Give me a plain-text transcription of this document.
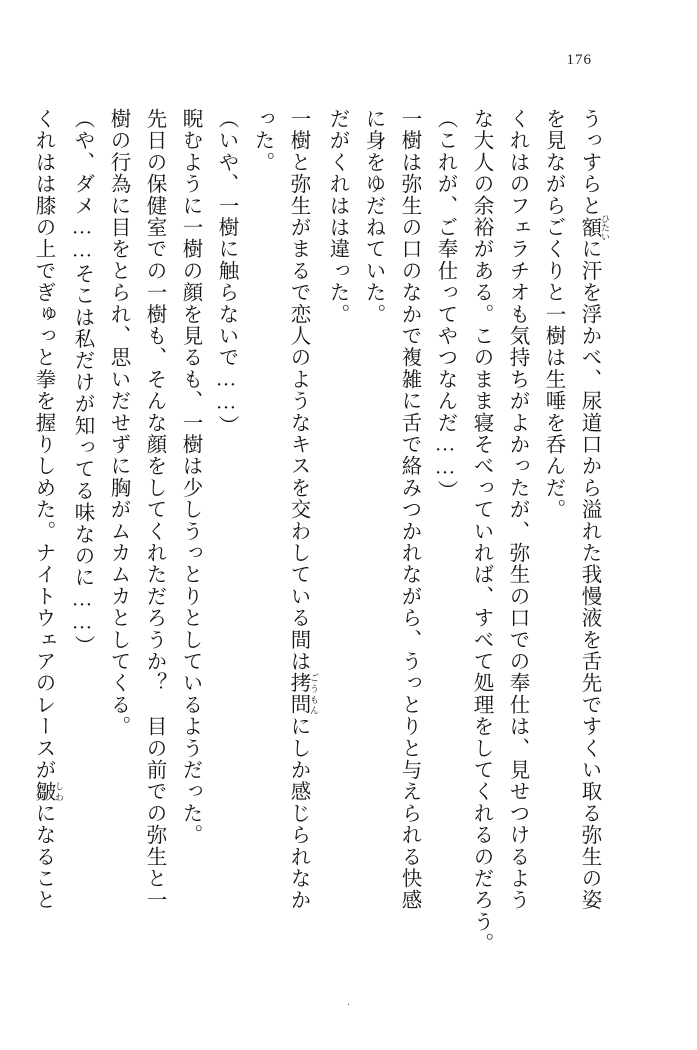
176

うっすらと額 ひたいに汗を浮かべ、尿道口から溢れた我慢液を舌先ですくい取る弥生の姿

を見ながらごくりと一樹は生唾を呑んだ。

くれはのフェラチオも気持ちがよかったが、弥生の口での奉仕は、見せつけるよう

な大人の余裕がある。このまま寝そべっていれば、すべて処理をしてくれるのだろう。

（これが、ご奉仕ってやつなんだ……）

一樹は弥生の口のなかで複雑に舌で絡みつかれながら、うっとりと与えられる快感

に身をゆだねていた。

だがくれはは違った。

一樹と弥生がまるで恋人のようなキスを交わしている間は拷問 ごうもんにしか感じられなか

った。

（いや、一樹に触らないで……）

睨むように一樹の顔を見るも、一樹は少しうっとりとしているようだった。

先日の保健室での一樹も、そんな顔をしてくれただろうか？　目の前での弥生と一

樹の行為に目をとられ、思いだせずに胸がムカムカとしてくる。

（や、ダメ……そこは私だけが知ってる味なのに……）

くれはは膝の上でぎゅっと拳を握りしめた。ナイトウェアのレースが皺 しわになること

.
